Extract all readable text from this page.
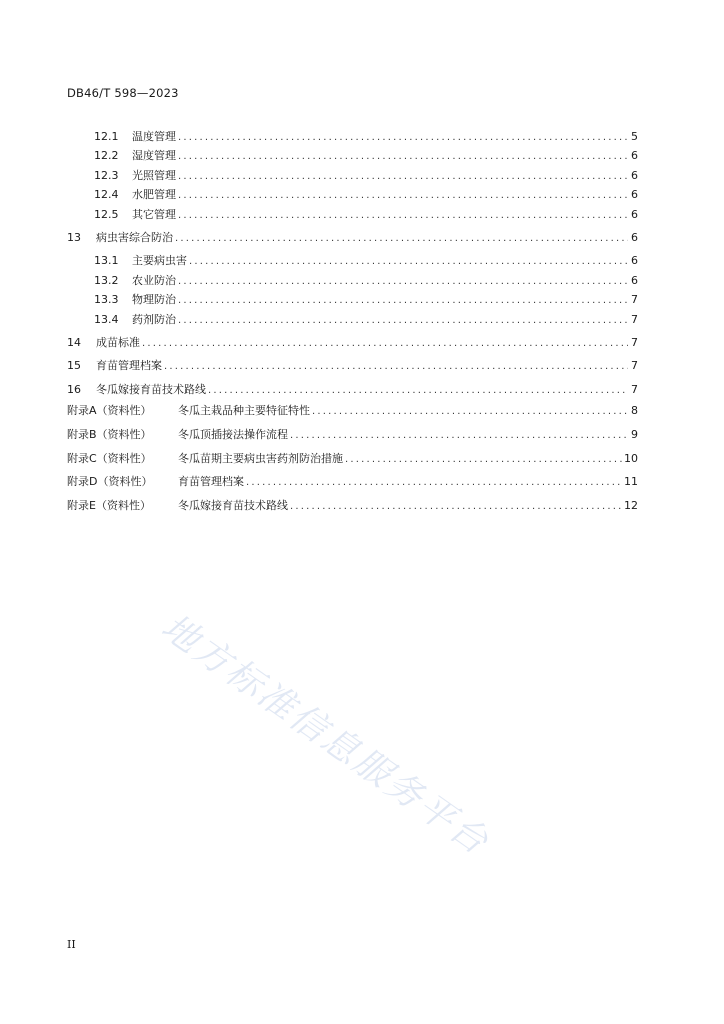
DB46/T 598—2023
12.1	温度管理 .....	5
12.2	湿度管理 .....	6
12.3	光照管理 .....	6
12.4	水肥管理 .....	6
12.5	其它管理 .....	6
13	病虫害综合防治 .....	6
13.1	主要病虫害 .....	6
13.2	农业防治 .....	6
13.3	物理防治 .....	7
13.4	药剂防治 .....	7
14	成苗标准 .....	7
15	育苗管理档案 .....	7
16	冬瓜嫁接育苗技术路线 .....	7
附录A（资料性）	冬瓜主栽品种主要特征特性 .....	8
附录B（资料性）	冬瓜顶插接法操作流程 .....	9
附录C（资料性）	冬瓜苗期主要病虫害药剂防治措施 .....	10
附录D（资料性）	育苗管理档案 .....	11
附录E（资料性）	冬瓜嫁接育苗技术路线 .....	12
地方标准信息服务平台
II
